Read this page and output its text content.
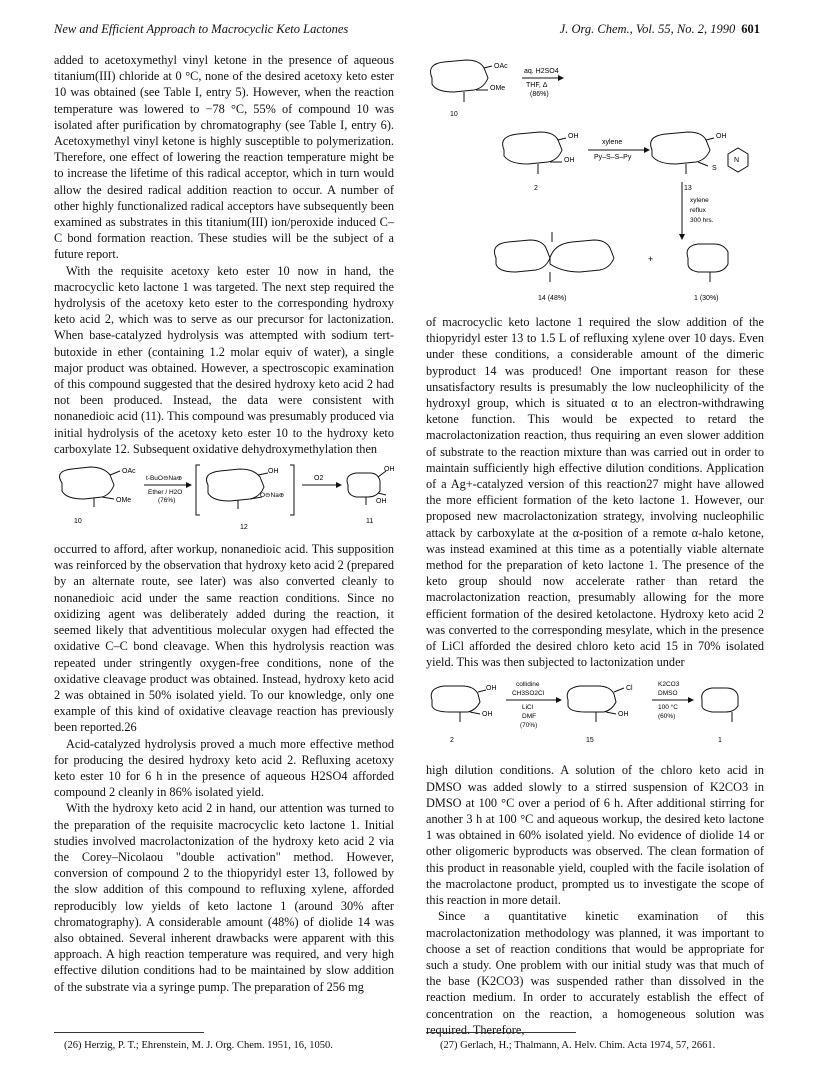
New and Efficient Approach to Macrocyclic Keto Lactones	J. Org. Chem., Vol. 55, No. 2, 1990 601

added to acetoxymethyl vinyl ketone in the presence of aqueous titanium(III) chloride at 0 °C, none of the desired acetoxy keto ester 10 was obtained (see Table I, entry 5). However, when the reaction temperature was lowered to −78 °C, 55% of compound 10 was isolated after purification by chromatography (see Table I, entry 6). Acetoxymethyl vinyl ketone is highly susceptible to polymerization. Therefore, one effect of lowering the reaction temperature might be to increase the lifetime of this radical acceptor, which in turn would allow the desired radical addition reaction to occur. A number of other highly functionalized radical acceptors have subsequently been examined as substrates in this titanium(III) ion/peroxide induced C–C bond formation reaction. These studies will be the subject of a future report.

With the requisite acetoxy keto ester 10 now in hand, the macrocyclic keto lactone 1 was targeted. The next step required the hydrolysis of the acetoxy keto ester to the corresponding hydroxy keto acid 2, which was to serve as our precursor for lactonization. When base-catalyzed hydrolysis was attempted with sodium tert-butoxide in ether (containing 1.2 molar equiv of water), a single major product was obtained. However, a spectroscopic examination of this compound suggested that the desired hydroxy keto acid 2 had not been produced. Instead, the data were consistent with nonanedioic acid (11). This compound was presumably produced via initial hydrolysis of the acetoxy keto ester 10 to the hydroxy keto carboxylate 12. Subsequent oxidative dehydroxymethylation then

OAc
OMe
10
t-BuO⊖Na⊕
Ether / H2O
(76%)
OH
O⊖Na⊕
12
O2
OH
OH
11

occurred to afford, after workup, nonanedioic acid. This supposition was reinforced by the observation that hydroxy keto acid 2 (prepared by an alternate route, see later) was also converted cleanly to nonanedioic acid under the same reaction conditions. Since no oxidizing agent was deliberately added during the reaction, it seemed likely that adventitious molecular oxygen had effected the oxidative C–C bond cleavage. When this hydrolysis reaction was repeated under stringently oxygen-free conditions, none of the oxidative cleavage product was obtained. Instead, hydroxy keto acid 2 was obtained in 50% isolated yield. To our knowledge, only one example of this kind of oxidative cleavage reaction has previously been reported.26

Acid-catalyzed hydrolysis proved a much more effective method for producing the desired hydroxy keto acid 2. Refluxing acetoxy keto ester 10 for 6 h in the presence of aqueous H2SO4 afforded compound 2 cleanly in 86% isolated yield.

With the hydroxy keto acid 2 in hand, our attention was turned to the preparation of the requisite macrocyclic keto lactone 1. Initial studies involved macrolactonization of the hydroxy keto acid 2 via the Corey–Nicolaou "double activation" method. However, conversion of compound 2 to the thiopyridyl ester 13, followed by the slow addition of this compound to refluxing xylene, afforded reproducibly low yields of keto lactone 1 (around 30% after chromatography). A considerable amount (48%) of diolide 14 was also obtained. Several inherent drawbacks were apparent with this approach. A high reaction temperature was required, and very high effective dilution conditions had to be maintained by slow addition of the substrate via a syringe pump. The preparation of 256 mg

OAc
OMe
10
aq. H2SO4
THF, Δ
(86%)
OH
OH
2
xylene
Py–S–S–Py
OH
S
N
13
xylene
reflux
300 hrs.
+
14 (48%)	1 (30%)

of macrocyclic keto lactone 1 required the slow addition of the thiopyridyl ester 13 to 1.5 L of refluxing xylene over 10 days. Even under these conditions, a considerable amount of the dimeric byproduct 14 was produced! One important reason for these unsatisfactory results is presumably the low nucleophilicity of the hydroxyl group, which is situated α to an electron-withdrawing ketone function. This would be expected to retard the macrolactonization reaction, thus requiring an even slower addition of substrate to the reaction mixture than was carried out in order to maintain sufficiently high effective dilution conditions. Application of a Ag+-catalyzed version of this reaction27 might have allowed the more efficient formation of the keto lactone 1. However, our proposed new macrolactonization strategy, involving nucleophilic attack by carboxylate at the α-position of a remote α-halo ketone, was instead examined at this time as a potentially viable alternate method for the preparation of keto lactone 1. The presence of the keto group should now accelerate rather than retard the macrolactonization reaction, presumably allowing for the more efficient formation of the desired ketolactone. Hydroxy keto acid 2 was converted to the corresponding mesylate, which in the presence of LiCl afforded the desired chloro keto acid 15 in 70% isolated yield. This was then subjected to lactonization under

OH
OH
2
collidine
CH3SO2Cl
LiCl
DMF
(70%)
Cl
OH
15
K2CO3
DMSO
100 °C
(60%)
1

high dilution conditions. A solution of the chloro keto acid in DMSO was added slowly to a stirred suspension of K2CO3 in DMSO at 100 °C over a period of 6 h. After additional stirring for another 3 h at 100 °C and aqueous workup, the desired keto lactone 1 was obtained in 60% isolated yield. No evidence of diolide 14 or other oligomeric byproducts was observed. The clean formation of this product in reasonable yield, coupled with the facile isolation of the macrolactone product, prompted us to investigate the scope of this reaction in more detail.

Since a quantitative kinetic examination of this macrolactonization methodology was planned, it was important to choose a set of reaction conditions that would be appropriate for such a study. One problem with our initial study was that much of the base (K2CO3) was suspended rather than dissolved in the reaction medium. In order to accurately establish the effect of concentration on the reaction, a homogeneous solution was required. Therefore,

(26) Herzig, P. T.; Ehrenstein, M. J. Org. Chem. 1951, 16, 1050.	(27) Gerlach, H.; Thalmann, A. Helv. Chim. Acta 1974, 57, 2661.
